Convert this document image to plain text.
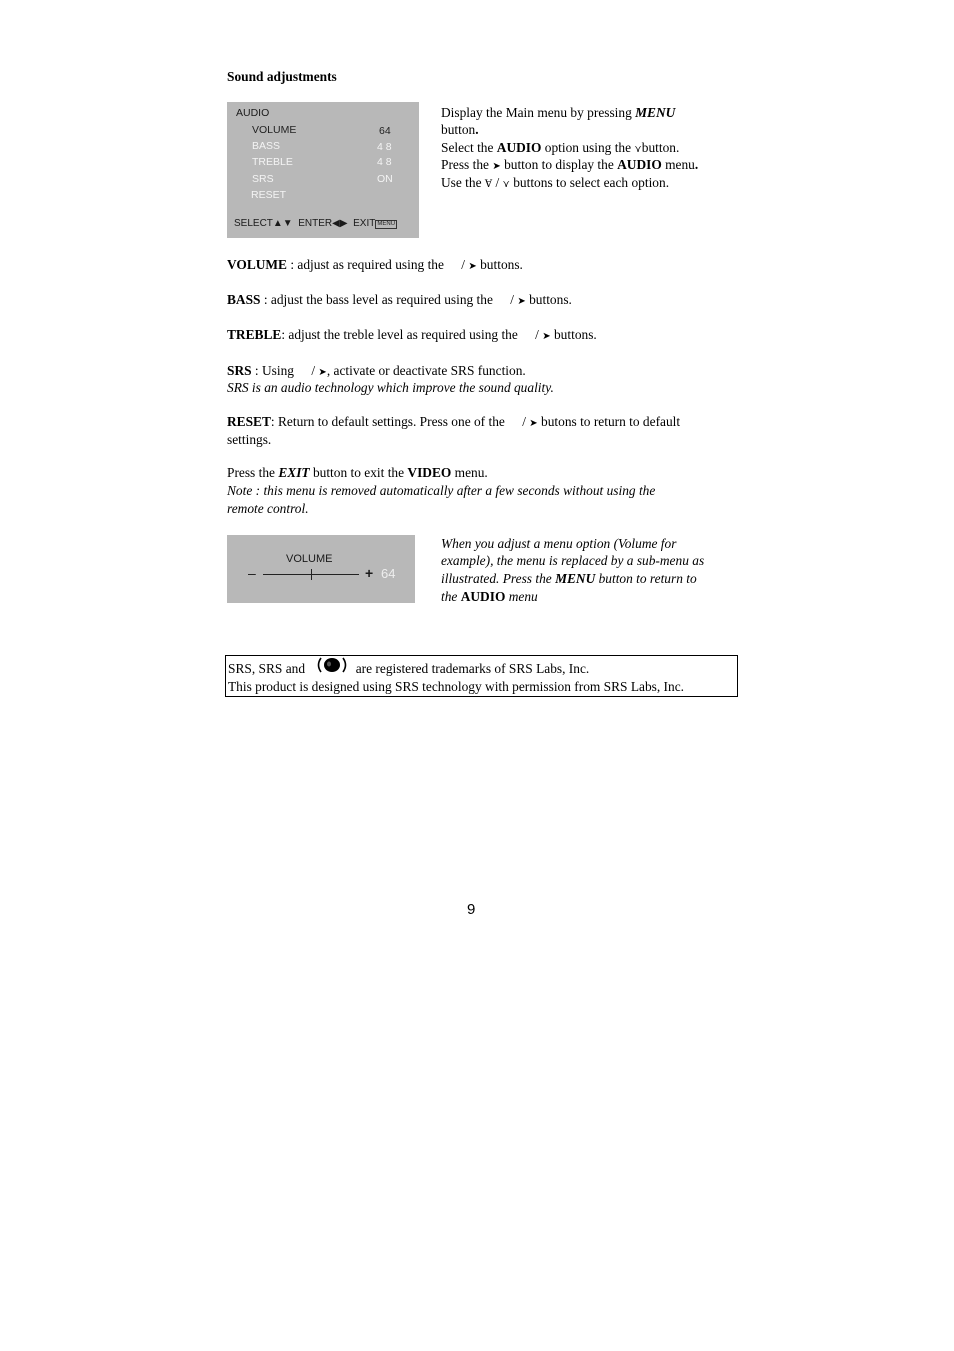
Sound adjustments
AUDIO
VOLUME	64
BASS	4 8
TREBLE	4 8
SRS	ON
RESET
SELECT▲▼ ENTER◀▶ EXIT MENU
Display the Main menu by pressing MENU
button.
Select the AUDIO option using the ⋎button.
Press the ➤ button to display the AUDIO menu.
Use the Ɐ / ⋎ buttons to select each option.
VOLUME : adjust as required using the / ➤ buttons.
BASS : adjust the bass level as required using the / ➤ buttons.
TREBLE: adjust the treble level as required using the / ➤ buttons.
SRS : Using / ➤, activate or deactivate SRS function.
SRS is an audio technology which improve the sound quality.
RESET: Return to default settings. Press one of the / ➤ butons to return to default
settings.
Press the EXIT button to exit the VIDEO menu.
Note : this menu is removed automatically after a few seconds without using the
remote control.
VOLUME
–	+ 64
When you adjust a menu option (Volume for
example), the menu is replaced by a sub-menu as
illustrated. Press the MENU button to return to
the AUDIO menu
SRS, SRS and	are registered trademarks of SRS Labs, Inc.
This product is designed using SRS technology with permission from SRS Labs, Inc.
9
